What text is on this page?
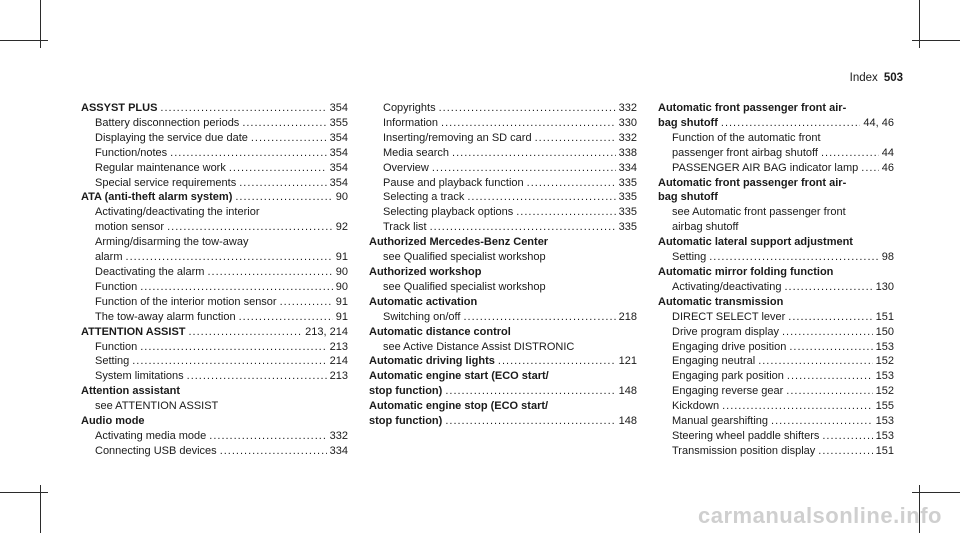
Index 503
ASSYST PLUS .....	354
Battery disconnection periods .....	355
Displaying the service due date .....	354
Function/notes .....	354
Regular maintenance work .....	354
Special service requirements .....	354
ATA (anti-theft alarm system) .....	90
Activating/deactivating the interior
motion sensor .....	92
Arming/disarming the tow-away
alarm .....	91
Deactivating the alarm .....	90
Function .....	90
Function of the interior motion sensor .....	91
The tow-away alarm function .....	91
ATTENTION ASSIST .....	213, 214
Function .....	213
Setting .....	214
System limitations .....	213
Attention assistant
see ATTENTION ASSIST
Audio mode
Activating media mode .....	332
Connecting USB devices .....	334
Copyrights .....	332
Information .....	330
Inserting/removing an SD card .....	332
Media search .....	338
Overview .....	334
Pause and playback function .....	335
Selecting a track .....	335
Selecting playback options .....	335
Track list .....	335
Authorized Mercedes-Benz Center
see Qualified specialist workshop
Authorized workshop
see Qualified specialist workshop
Automatic activation
Switching on/off .....	218
Automatic distance control
see Active Distance Assist DISTRONIC
Automatic driving lights .....	121
Automatic engine start (ECO start/
stop function) .....	148
Automatic engine stop (ECO start/
stop function) .....	148
Automatic front passenger front air-
bag shutoff .....	44, 46
Function of the automatic front
passenger front airbag shutoff .....	44
PASSENGER AIR BAG indicator lamp ..... 46
Automatic front passenger front air-
bag shutoff
see Automatic front passenger front
airbag shutoff
Automatic lateral support adjustment
Setting .....	98
Automatic mirror folding function
Activating/deactivating .....	130
Automatic transmission
DIRECT SELECT lever .....	151
Drive program display .....	150
Engaging drive position .....	153
Engaging neutral .....	152
Engaging park position .....	153
Engaging reverse gear .....	152
Kickdown .....	155
Manual gearshifting .....	153
Steering wheel paddle shifters .....	153
Transmission position display .....	151
carmanualsonline.info
